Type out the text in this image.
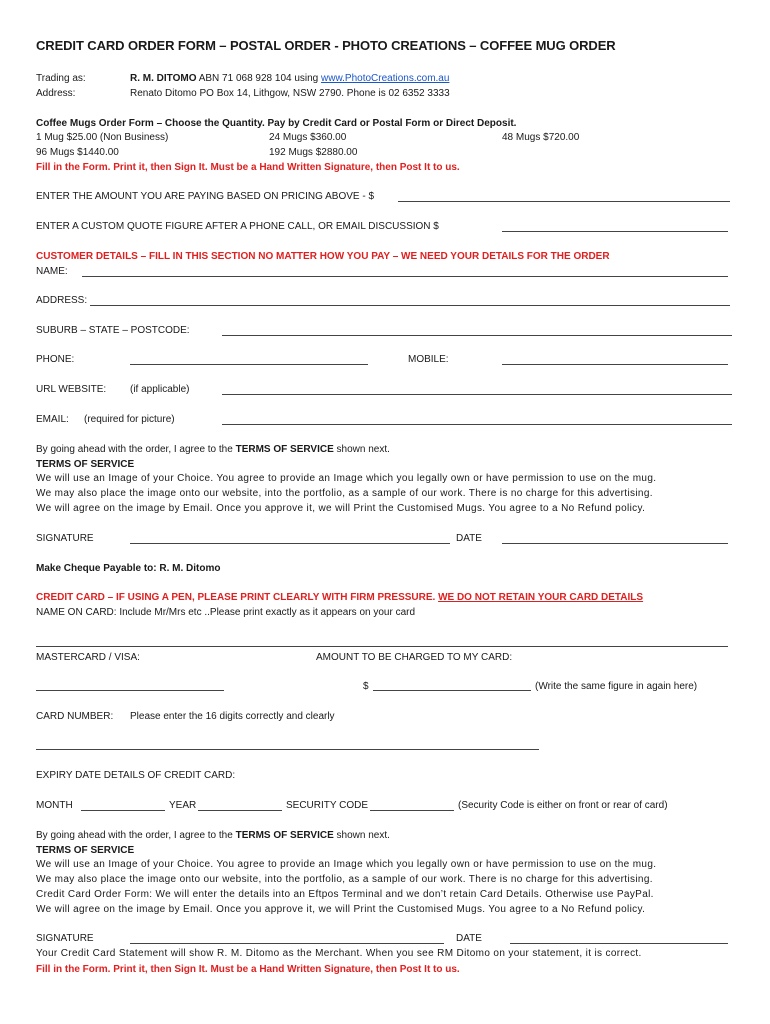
CREDIT CARD ORDER FORM – POSTAL ORDER - PHOTO CREATIONS – COFFEE MUG ORDER
Trading as:	R. M. DITOMO ABN 71 068 928 104 using www.PhotoCreations.com.au
Address:	Renato Ditomo PO Box 14, Lithgow, NSW 2790. Phone is 02 6352 3333
Coffee Mugs Order Form – Choose the Quantity. Pay by Credit Card or Postal Form or Direct Deposit.
1 Mug $25.00 (Non Business)	24 Mugs $360.00	48 Mugs $720.00
96 Mugs $1440.00	192 Mugs $2880.00
Fill in the Form. Print it, then Sign It. Must be a Hand Written Signature, then Post It to us.
ENTER THE AMOUNT YOU ARE PAYING BASED ON PRICING ABOVE - $
ENTER A CUSTOM QUOTE FIGURE AFTER A PHONE CALL, OR EMAIL DISCUSSION $
CUSTOMER DETAILS – FILL IN THIS SECTION NO MATTER HOW YOU PAY – WE NEED YOUR DETAILS FOR THE ORDER
NAME:
ADDRESS:
SUBURB – STATE – POSTCODE:
PHONE:	MOBILE:
URL WEBSITE: (if applicable)
EMAIL: (required for picture)
By going ahead with the order, I agree to the TERMS OF SERVICE shown next.
TERMS OF SERVICE
We will use an Image of your Choice. You agree to provide an Image which you legally own or have permission to use on the mug.
We may also place the image onto our website, into the portfolio, as a sample of our work. There is no charge for this advertising.
We will agree on the image by Email. Once you approve it, we will Print the Customised Mugs. You agree to a No Refund policy.
SIGNATURE	DATE
Make Cheque Payable to: R. M. Ditomo
CREDIT CARD – IF USING A PEN, PLEASE PRINT CLEARLY WITH FIRM PRESSURE. WE DO NOT RETAIN YOUR CARD DETAILS
NAME ON CARD: Include Mr/Mrs etc ..Please print exactly as it appears on your card
MASTERCARD / VISA:	AMOUNT TO BE CHARGED TO MY CARD:
$	(Write the same figure in again here)
CARD NUMBER: Please enter the 16 digits correctly and clearly
EXPIRY DATE DETAILS OF CREDIT CARD:
MONTH	YEAR	SECURITY CODE	(Security Code is either on front or rear of card)
By going ahead with the order, I agree to the TERMS OF SERVICE shown next.
TERMS OF SERVICE
We will use an Image of your Choice. You agree to provide an Image which you legally own or have permission to use on the mug.
We may also place the image onto our website, into the portfolio, as a sample of our work. There is no charge for this advertising.
Credit Card Order Form: We will enter the details into an Eftpos Terminal and we don’t retain Card Details. Otherwise use PayPal.
We will agree on the image by Email. Once you approve it, we will Print the Customised Mugs. You agree to a No Refund policy.
SIGNATURE	DATE
Your Credit Card Statement will show R. M. Ditomo as the Merchant. When you see RM Ditomo on your statement, it is correct.
Fill in the Form. Print it, then Sign It. Must be a Hand Written Signature, then Post It to us.
